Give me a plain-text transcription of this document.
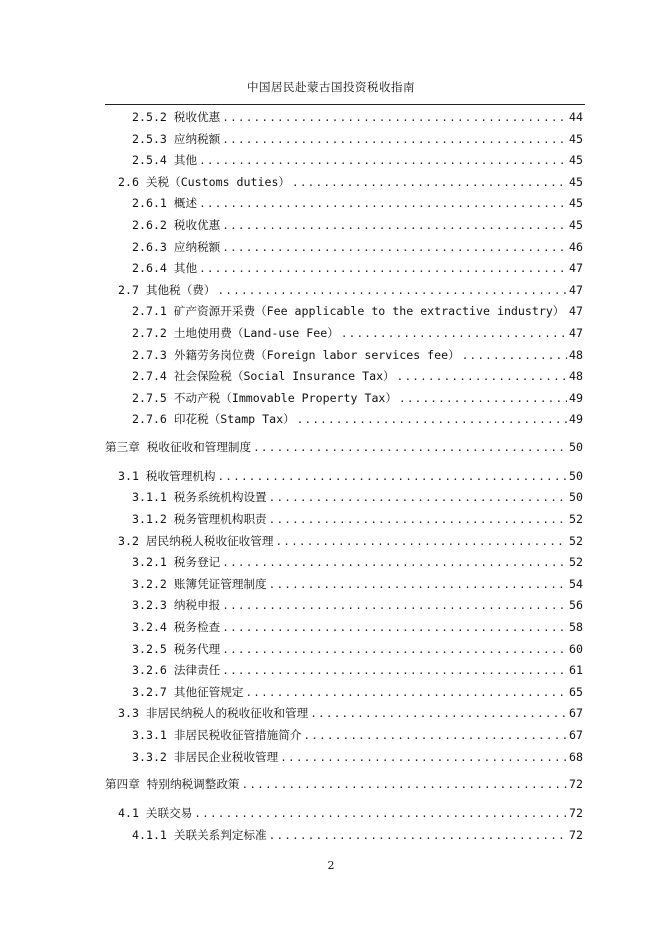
中国居民赴蒙古国投资税收指南
2.5.2 税收优惠 .....	44
2.5.3 应纳税额 .....	45
2.5.4 其他 .....	45
2.6 关税（Customs duties） .....	45
2.6.1 概述 .....	45
2.6.2 税收优惠 .....	45
2.6.3 应纳税额 .....	46
2.6.4 其他 .....	47
2.7 其他税（费） .....	47
2.7.1 矿产资源开采费（Fee applicable to the extractive industry） ..... 47
2.7.2 土地使用费（Land-use Fee） .....	47
2.7.3 外籍劳务岗位费（Foreign labor services fee） .....	48
2.7.4 社会保险税（Social Insurance Tax） .....	48
2.7.5 不动产税（Immovable Property Tax） .....	49
2.7.6 印花税（Stamp Tax） .....	49
第三章 税收征收和管理制度 .....	50
3.1 税收管理机构 .....	50
3.1.1 税务系统机构设置 .....	50
3.1.2 税务管理机构职责 .....	52
3.2 居民纳税人税收征收管理 .....	52
3.2.1 税务登记 .....	52
3.2.2 账簿凭证管理制度 .....	54
3.2.3 纳税申报 .....	56
3.2.4 税务检查 .....	58
3.2.5 税务代理 .....	60
3.2.6 法律责任 .....	61
3.2.7 其他征管规定 .....	65
3.3 非居民纳税人的税收征收和管理 .....	67
3.3.1 非居民税收征管措施简介 .....	67
3.3.2 非居民企业税收管理 .....	68
第四章 特别纳税调整政策 .....	72
4.1 关联交易 .....	72
4.1.1 关联关系判定标准 .....	72
2
